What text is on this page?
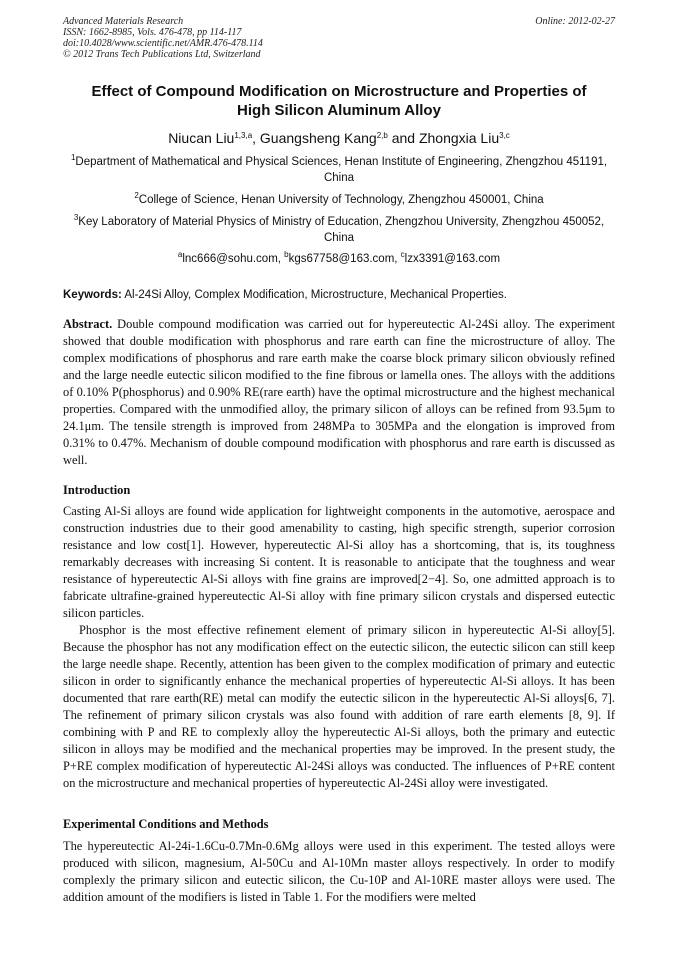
Advanced Materials Research
ISSN: 1662-8985, Vols. 476-478, pp 114-117
doi:10.4028/www.scientific.net/AMR.476-478.114
© 2012 Trans Tech Publications Ltd, Switzerland
Online: 2012-02-27
Effect of Compound Modification on Microstructure and Properties of
High Silicon Aluminum Alloy
Niucan Liu$^{1,3,a}$, Guangsheng Kang$^{2,b}$ and Zhongxia Liu$^{3,c}$
$^1$Department of Mathematical and Physical Sciences, Henan Institute of Engineering, Zhengzhou 451191, China
$^2$College of Science, Henan University of Technology, Zhengzhou 450001, China
$^3$Key Laboratory of Material Physics of Ministry of Education, Zhengzhou University, Zhengzhou 450052, China
$^a$lnc666@sohu.com, $^b$kgs67758@163.com, $^c$lzx3391@163.com
Keywords: Al-24Si Alloy, Complex Modification, Microstructure, Mechanical Properties.

Abstract. Double compound modification was carried out for hypereutectic Al-24Si alloy. The experiment showed that double modification with phosphorus and rare earth can fine the microstructure of alloy. The complex modifications of phosphorus and rare earth make the coarse block primary silicon obviously refined and the large needle eutectic silicon modified to the fine fibrous or lamella ones. The alloys with the additions of 0.10% P(phosphorus) and 0.90% RE(rare earth) have the optimal microstructure and the highest mechanical properties. Compared with the unmodified alloy, the primary silicon of alloys can be refined from 93.5μm to 24.1μm. The tensile strength is improved from 248MPa to 305MPa and the elongation is improved from 0.31% to 0.47%. Mechanism of double compound modification with phosphorus and rare earth is discussed as well.

Introduction

Casting Al-Si alloys are found wide application for lightweight components in the automotive, aerospace and construction industries due to their good amenability to casting, high specific strength, superior corrosion resistance and low cost[1]. However, hypereutectic Al-Si alloy has a shortcoming, that is, its toughness remarkably decreases with increasing Si content. It is reasonable to anticipate that the toughness and wear resistance of hypereutectic Al-Si alloys with fine grains are improved[2−4]. So, one admitted approach is to fabricate ultrafine-grained hypereutectic Al-Si alloy with fine primary silicon crystals and dispersed eutectic silicon particles.

Phosphor is the most effective refinement element of primary silicon in hypereutectic Al-Si alloy[5]. Because the phosphor has not any modification effect on the eutectic silicon, the eutectic silicon can still keep the large needle shape. Recently, attention has been given to the complex modification of primary and eutectic silicon in order to significantly enhance the mechanical properties of hypereutectic Al-Si alloys. It has been documented that rare earth(RE) metal can modify the eutectic silicon in the hypereutectic Al-Si alloys[6, 7]. The refinement of primary silicon crystals was also found with addition of rare earth elements [8, 9]. If combining with P and RE to complexly alloy the hypereutectic Al-Si alloys, both the primary and eutectic silicon in alloys may be modified and the mechanical properties may be improved. In the present study, the P+RE complex modification of hypereutectic Al-24Si alloys was conducted. The influences of P+RE content on the microstructure and mechanical properties of hypereutectic Al-24Si alloy were investigated.

Experimental Conditions and Methods

The hypereutectic Al-24i-1.6Cu-0.7Mn-0.6Mg alloys were used in this experiment. The tested alloys were produced with silicon, magnesium, Al-50Cu and Al-10Mn master alloys respectively. In order to modify complexly the primary silicon and eutectic silicon, the Cu-10P and Al-10RE master alloys were used. The addition amount of the modifiers is listed in Table 1. For the modifiers were melted
